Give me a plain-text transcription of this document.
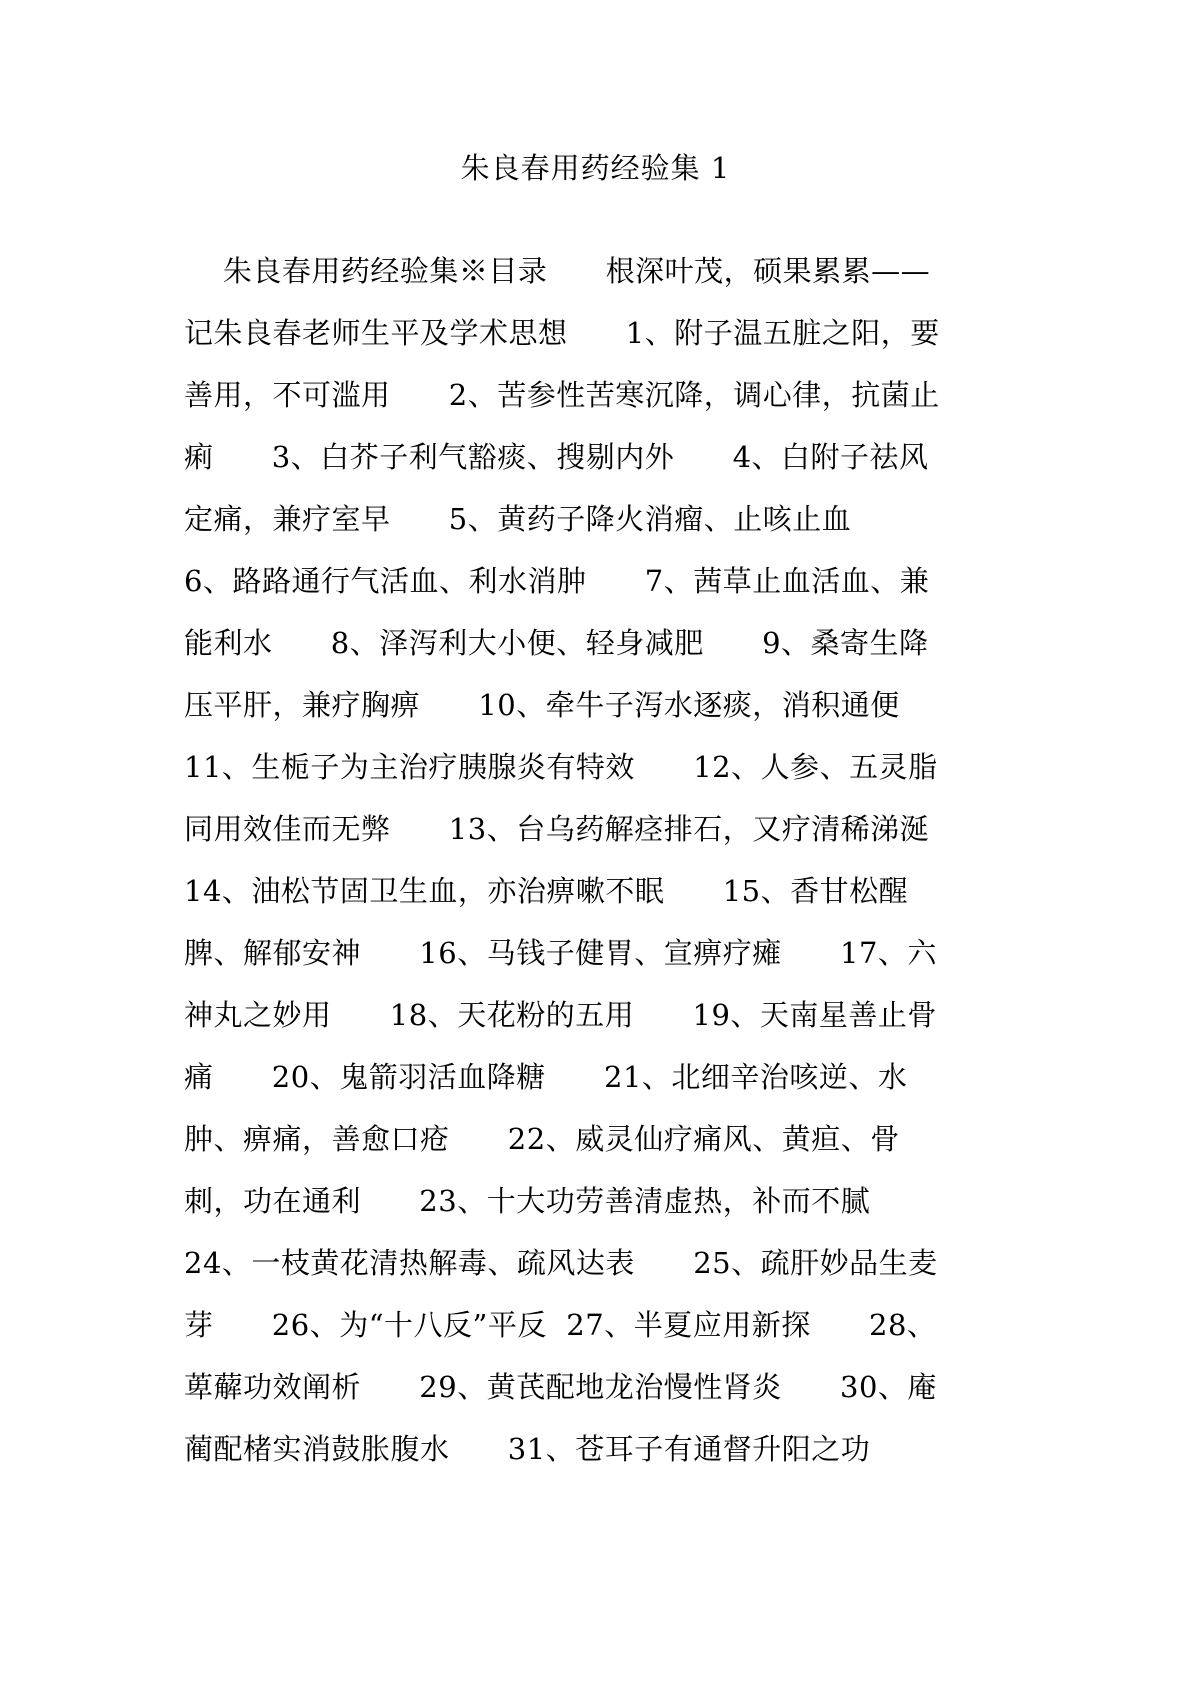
朱良春用药经验集 1
朱良春用药经验集※目录      根深叶茂，硕果累累——
记朱良春老师生平及学术思想      1、附子温五脏之阳，要
善用，不可滥用      2、苦参性苦寒沉降，调心律，抗菌止
痢      3、白芥子利气豁痰、搜剔内外      4、白附子祛风
定痛，兼疗室早      5、黄药子降火消瘤、止咳止血
6、路路通行气活血、利水消肿      7、茜草止血活血、兼
能利水      8、泽泻利大小便、轻身减肥      9、桑寄生降
压平肝，兼疗胸痹      10、牵牛子泻水逐痰，消积通便
11、生栀子为主治疗胰腺炎有特效      12、人参、五灵脂
同用效佳而无弊      13、台乌药解痉排石，又疗清稀涕涎
14、油松节固卫生血，亦治痹嗽不眠      15、香甘松醒
脾、解郁安神      16、马钱子健胃、宣痹疗瘫      17、六
神丸之妙用      18、天花粉的五用      19、天南星善止骨
痛      20、鬼箭羽活血降糖      21、北细辛治咳逆、水
肿、痹痛，善愈口疮      22、威灵仙疗痛风、黄疸、骨
刺，功在通利      23、十大功劳善清虚热，补而不腻
24、一枝黄花清热解毒、疏风达表      25、疏肝妙品生麦
芽      26、为“十八反”平反  27、半夏应用新探      28、
萆薢功效阐析      29、黄芪配地龙治慢性肾炎      30、庵
蔺配楮实消鼓胀腹水      31、苍耳子有通督升阳之功
